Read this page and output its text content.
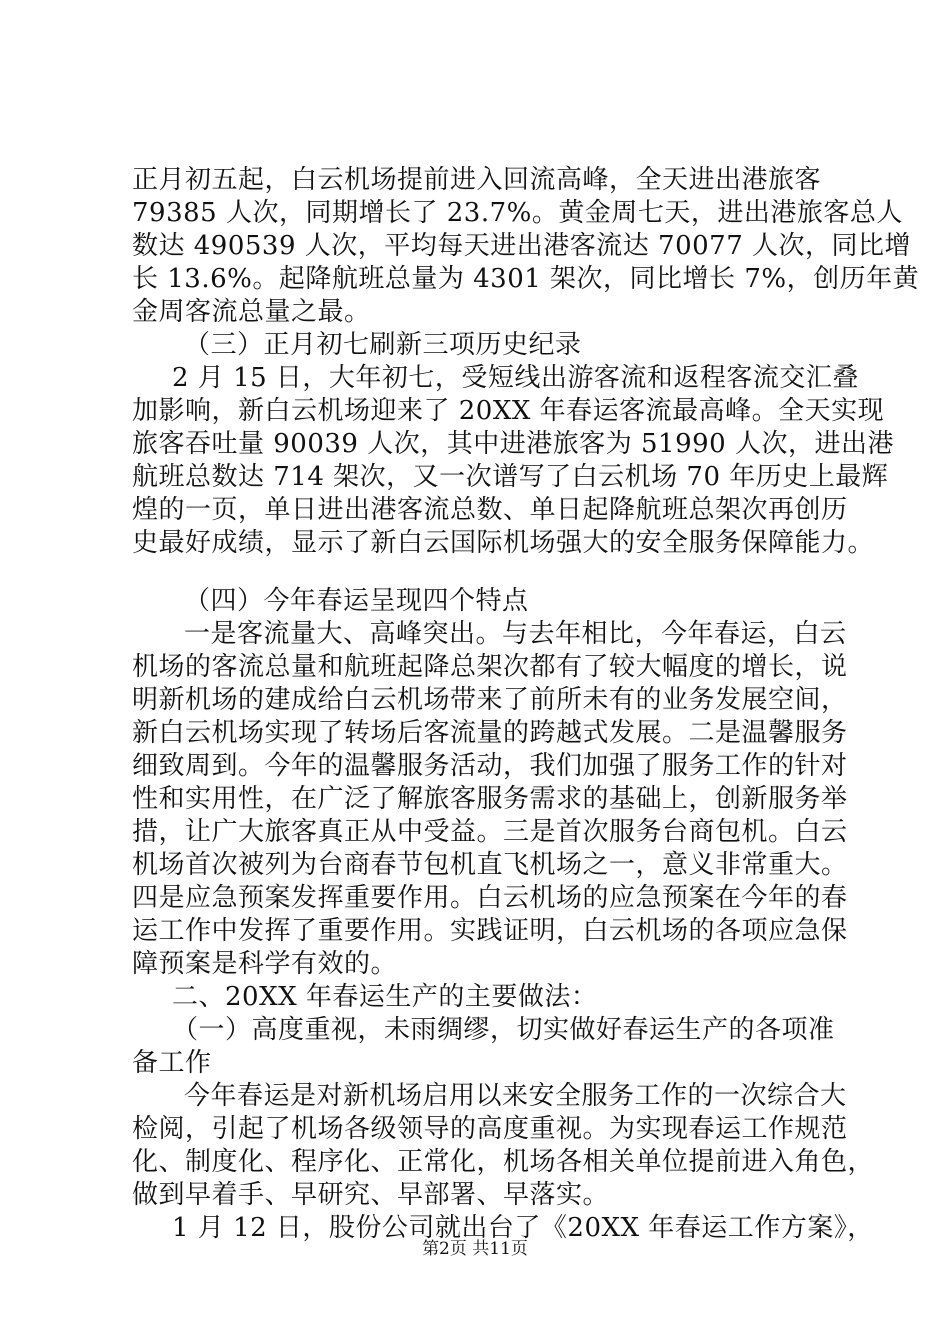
正月初五起，白云机场提前进入回流高峰，全天进出港旅客
79385 人次，同期增长了 23.7%。黄金周七天，进出港旅客总人
数达 490539 人次，平均每天进出港客流达 70077 人次，同比增
长 13.6%。起降航班总量为 4301 架次，同比增长 7%，创历年黄
金周客流总量之最。
（三）正月初七刷新三项历史纪录
2 月 15 日，大年初七，受短线出游客流和返程客流交汇叠
加影响，新白云机场迎来了 20XX 年春运客流最高峰。全天实现
旅客吞吐量 90039 人次，其中进港旅客为 51990 人次，进出港
航班总数达 714 架次，又一次谱写了白云机场 70 年历史上最辉
煌的一页，单日进出港客流总数、单日起降航班总架次再创历
史最好成绩，显示了新白云国际机场强大的安全服务保障能力。
（四）今年春运呈现四个特点
一是客流量大、高峰突出。与去年相比，今年春运，白云
机场的客流总量和航班起降总架次都有了较大幅度的增长，说
明新机场的建成给白云机场带来了前所未有的业务发展空间，
新白云机场实现了转场后客流量的跨越式发展。二是温馨服务
细致周到。今年的温馨服务活动，我们加强了服务工作的针对
性和实用性，在广泛了解旅客服务需求的基础上，创新服务举
措，让广大旅客真正从中受益。三是首次服务台商包机。白云
机场首次被列为台商春节包机直飞机场之一，意义非常重大。
四是应急预案发挥重要作用。白云机场的应急预案在今年的春
运工作中发挥了重要作用。实践证明，白云机场的各项应急保
障预案是科学有效的。
二、20XX 年春运生产的主要做法：
（一）高度重视，未雨绸缪，切实做好春运生产的各项准
备工作
今年春运是对新机场启用以来安全服务工作的一次综合大
检阅，引起了机场各级领导的高度重视。为实现春运工作规范
化、制度化、程序化、正常化，机场各相关单位提前进入角色，
做到早着手、早研究、早部署、早落实。
1 月 12 日，股份公司就出台了《20XX 年春运工作方案》，
第2页 共11页
